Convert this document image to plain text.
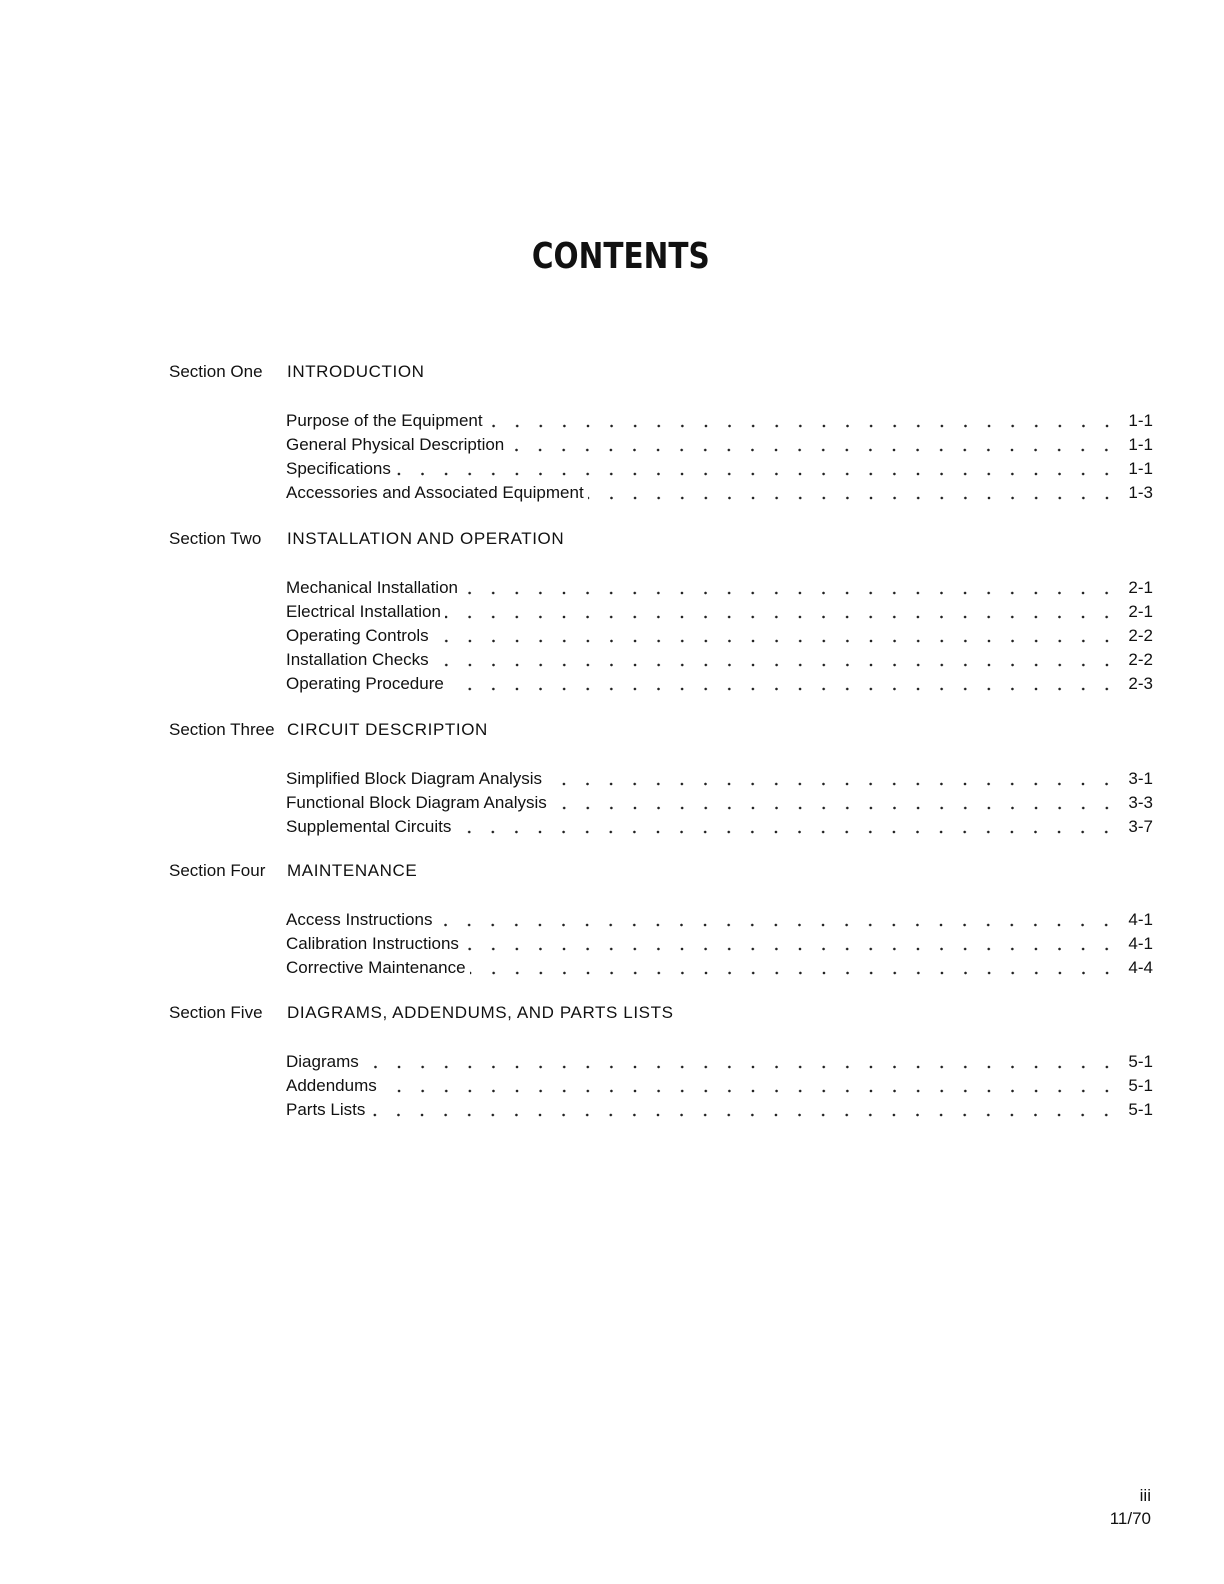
CONTENTS
Section One INTRODUCTION
Purpose of the Equipment	1-1
General Physical Description	1-1
Specifications	1-1
Accessories and Associated Equipment	1-3
Section Two INSTALLATION AND OPERATION
Mechanical Installation	2-1
Electrical Installation	2-1
Operating Controls	2-2
Installation Checks	2-2
Operating Procedure	2-3
Section Three CIRCUIT DESCRIPTION
Simplified Block Diagram Analysis	3-1
Functional Block Diagram Analysis	3-3
Supplemental Circuits	3-7
Section Four MAINTENANCE
Access Instructions	4-1
Calibration Instructions	4-1
Corrective Maintenance	4-4
Section Five DIAGRAMS, ADDENDUMS, AND PARTS LISTS
Diagrams	5-1
Addendums	5-1
Parts Lists	5-1
iii
11/70
